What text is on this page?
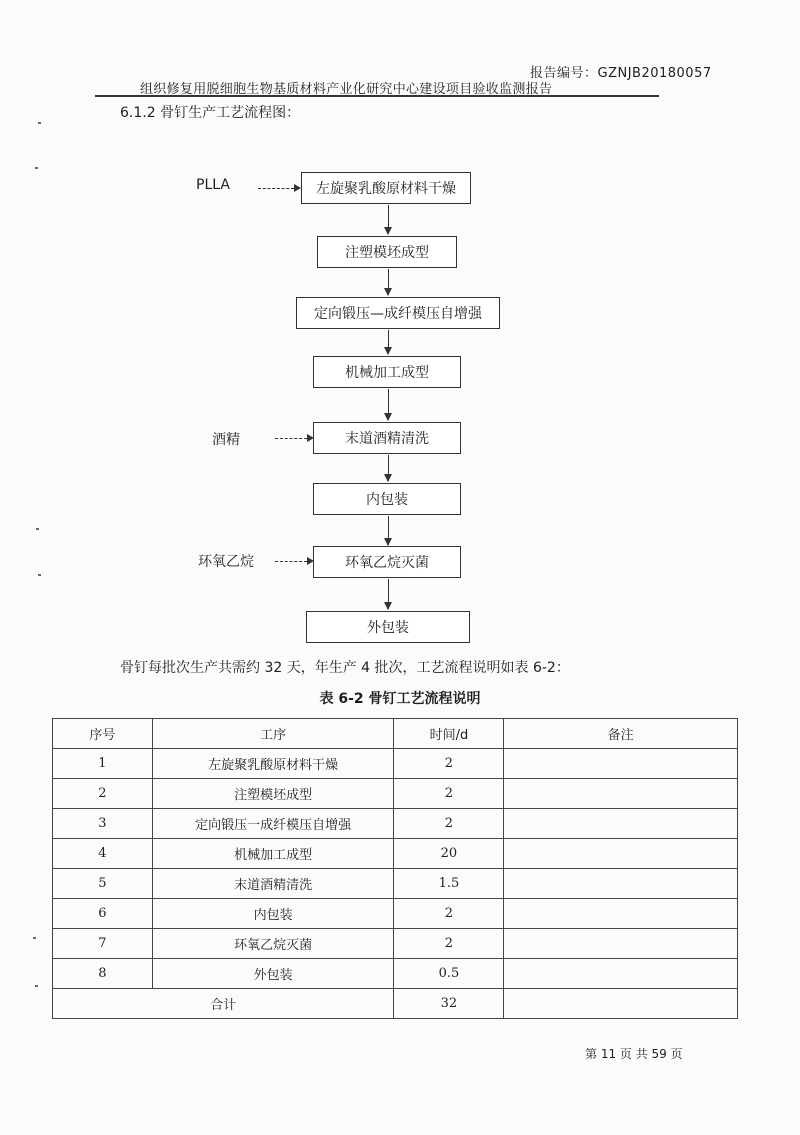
报告编号：GZNJB20180057
组织修复用脱细胞生物基质材料产业化研究中心建设项目验收监测报告
6.1.2 骨钉生产工艺流程图：
PLLA	左旋聚乳酸原材料干燥
注塑模坯成型
定向锻压—成纤模压自增强
机械加工成型
酒精	末道酒精清洗
内包装
环氧乙烷	环氧乙烷灭菌
外包装
骨钉每批次生产共需约 32 天，年生产 4 批次，工艺流程说明如表 6-2：
表 6-2 骨钉工艺流程说明
序号	工序	时间/d	备注
1	左旋聚乳酸原材料干燥	2	
2	注塑模坯成型	2	
3	定向锻压一成纤模压自增强	2	
4	机械加工成型	20	
5	末道酒精清洗	1.5	
6	内包装	2	
7	环氧乙烷灭菌	2	
8	外包装	0.5	
合计		32	
第 11 页 共 59 页
